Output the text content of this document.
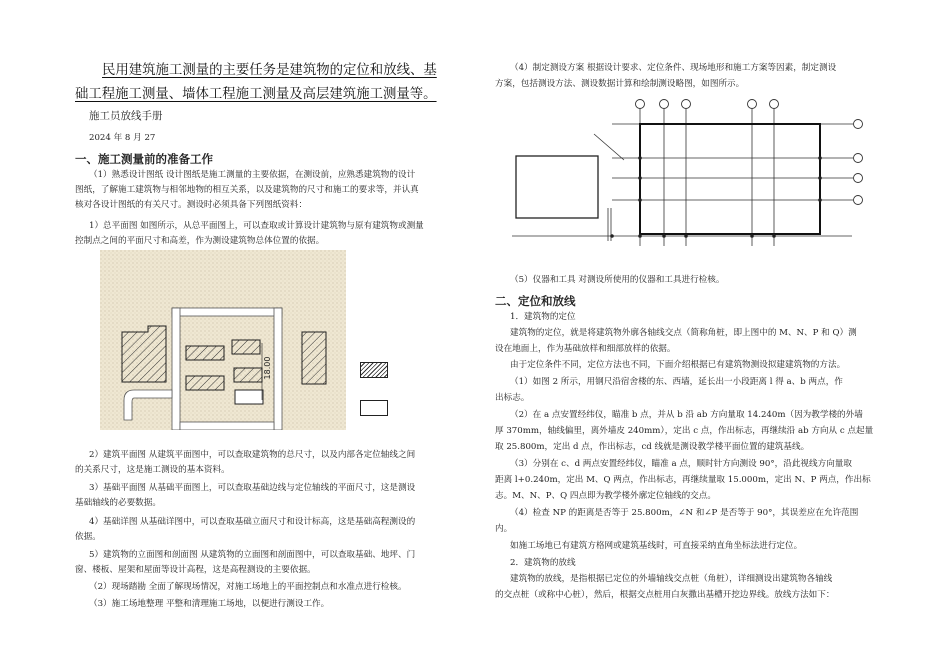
民用建筑施工测量的主要任务是建筑物的定位和放线、基
础工程施工测量、墙体工程施工测量及高层建筑施工测量等。
施工员放线手册
2024 年 8 月 27
一、施工测量前的准备工作
（1）熟悉设计图纸 设计图纸是施工测量的主要依据，在测设前，应熟悉建筑物的设计
图纸，了解施工建筑物与相邻地物的相互关系，以及建筑物的尺寸和施工的要求等，并认真
核对各设计图纸的有关尺寸。测设时必须具备下列图纸资料：
1）总平面图 如图所示，从总平面图上，可以查取或计算设计建筑物与原有建筑物或测量
控制点之间的平面尺寸和高差，作为测设建筑物总体位置的依据。
18.00
2）建筑平面图 从建筑平面图中，可以查取建筑物的总尺寸，以及内部各定位轴线之间
的关系尺寸，这是施工测设的基本资料。
3）基础平面图 从基础平面图上，可以查取基础边线与定位轴线的平面尺寸，这是测设
基础轴线的必要数据。
4）基础详图 从基础详图中，可以查取基础立面尺寸和设计标高，这是基础高程测设的
依据。
5）建筑物的立面图和剖面图 从建筑物的立面图和剖面图中，可以查取基础、地坪、门
窗、楼板、屋架和屋面等设计高程，这是高程测设的主要依据。
（2）现场踏勘 全面了解现场情况，对施工场地上的平面控制点和水准点进行检核。
（3）施工场地整理 平整和清理施工场地，以便进行测设工作。
（4）制定测设方案 根据设计要求、定位条件、现场地形和施工方案等因素，制定测设
方案，包括测设方法、测设数据计算和绘制测设略图，如图所示。
（5）仪器和工具 对测设所使用的仪器和工具进行检核。
二、定位和放线
1．建筑物的定位
建筑物的定位，就是将建筑物外廓各轴线交点（简称角桩，即上图中的 M、N、P 和 Q）测
设在地面上，作为基础放样和细部放样的依据。
由于定位条件不同，定位方法也不同，下面介绍根据已有建筑物测设拟建建筑物的方法。
（1）如图 2 所示，用钢尺沿宿舍楼的东、西墙，延长出一小段距离 l 得 a、b 两点，作
出标志。
（2）在 a 点安置经纬仪，瞄准 b 点，并从 b 沿 ab 方向量取 14.240m（因为教学楼的外墙
厚 370mm，轴线偏里，离外墙皮 240mm），定出 c 点，作出标志，再继续沿 ab 方向从 c 点起量
取 25.800m，定出 d 点，作出标志，cd 线就是测设教学楼平面位置的建筑基线。
（3）分别在 c、d 两点安置经纬仪，瞄准 a 点，顺时针方向测设 90°，沿此视线方向量取
距离 l+0.240m，定出 M、Q 两点，作出标志，再继续量取 15.000m，定出 N、P 两点，作出标
志。M、N、P、Q 四点即为教学楼外廓定位轴线的交点。
（4）检查 NP 的距离是否等于 25.800m，∠N 和∠P 是否等于 90°，其误差应在允许范围
内。
如施工场地已有建筑方格网或建筑基线时，可直接采纳直角坐标法进行定位。
2．建筑物的放线
建筑物的放线，是指根据已定位的外墙轴线交点桩（角桩），详细测设出建筑物各轴线
的交点桩（或称中心桩），然后，根据交点桩用白灰撒出基槽开挖边界线。放线方法如下：
